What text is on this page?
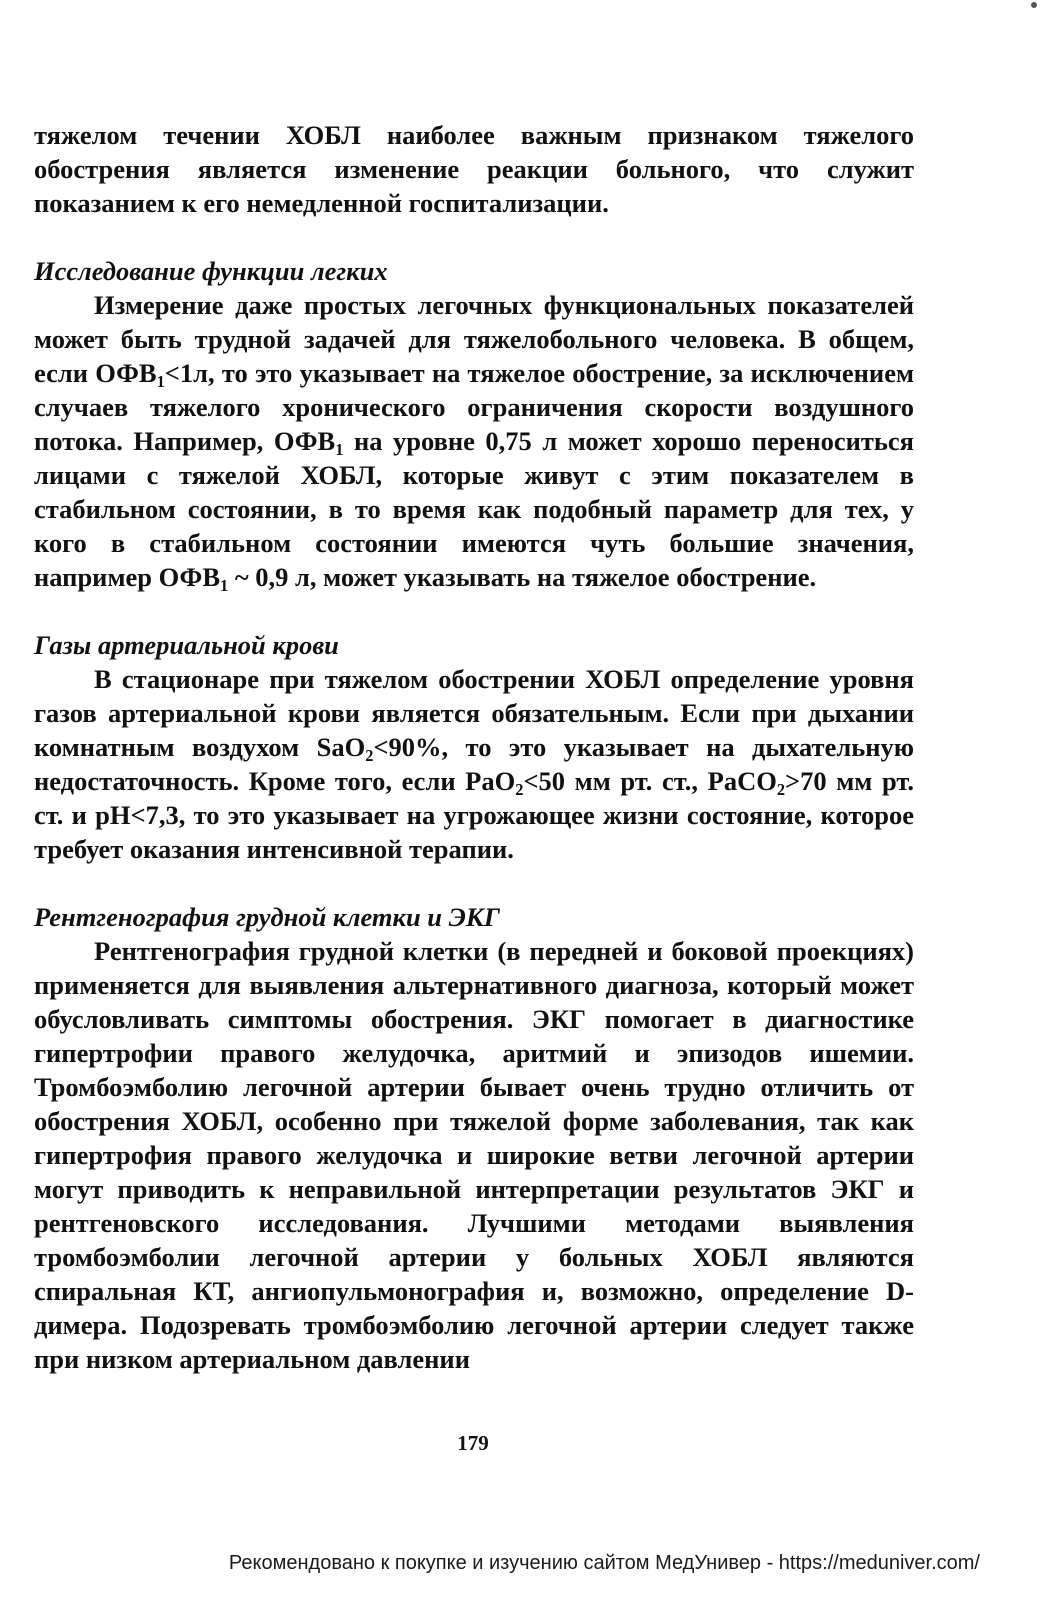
тяжелом течении ХОБЛ наиболее важным признаком тяжелого обострения является изменение реакции больного, что служит показанием к его немедленной госпитализации.

Исследование функции легких

Измерение даже простых легочных функциональных показателей может быть трудной задачей для тяжелобольного человека. В общем, если ОФВ1<1л, то это указывает на тяжелое обострение, за исключением случаев тяжелого хронического ограничения скорости воздушного потока. Например, ОФВ1 на уровне 0,75 л может хорошо переноситься лицами с тяжелой ХОБЛ, которые живут с этим показателем в стабильном состоянии, в то время как подобный параметр для тех, у кого в стабильном состоянии имеются чуть большие значения, например ОФВ1 ~ 0,9 л, может указывать на тяжелое обострение.

Газы артериальной крови

В стационаре при тяжелом обострении ХОБЛ определение уровня газов артериальной крови является обязательным. Если при дыхании комнатным воздухом SaO2<90%, то это указывает на дыхательную недостаточность. Кроме того, если PaO2<50 мм рт. ст., PaCO2>70 мм рт. ст. и pH<7,3, то это указывает на угрожающее жизни состояние, которое требует оказания интенсивной терапии.

Рентгенография грудной клетки и ЭКГ

Рентгенография грудной клетки (в передней и боковой проекциях) применяется для выявления альтернативного диагноза, который может обусловливать симптомы обострения. ЭКГ помогает в диагностике гипертрофии правого желудочка, аритмий и эпизодов ишемии. Тромбоэмболию легочной артерии бывает очень трудно отличить от обострения ХОБЛ, особенно при тяжелой форме заболевания, так как гипертрофия правого желудочка и широкие ветви легочной артерии могут приводить к неправильной интерпретации результатов ЭКГ и рентгеновского исследования. Лучшими методами выявления тромбоэмболии легочной артерии у больных ХОБЛ являются спиральная КТ, ангиопульмонография и, возможно, определение D-димера. Подозревать тромбоэмболию легочной артерии следует также при низком артериальном давлении

179
Рекомендовано к покупке и изучению сайтом МедУнивер - https://meduniver.com/
